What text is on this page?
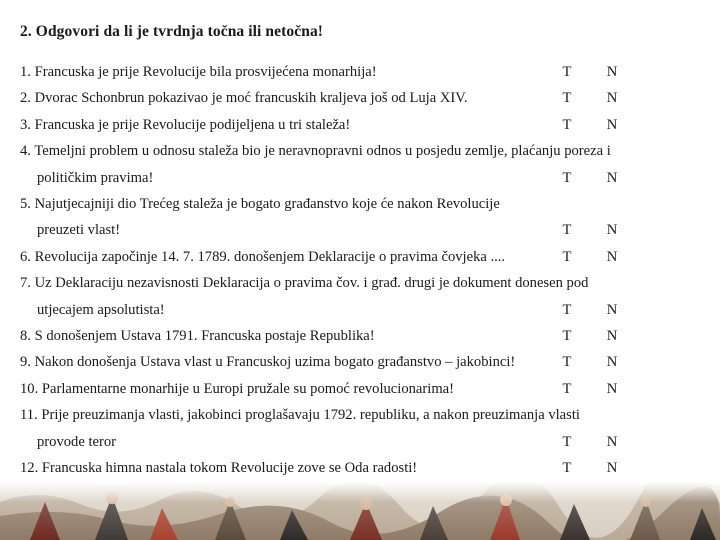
2. Odgovori da li je tvrdnja točna ili netočna!
1. Francuska je prije Revolucije bila prosvijećena monarhija!	T N
2. Dvorac Schonbrun pokazivao je moć francuskih kraljeva još od Luja XIV.	T N
3. Francuska je prije Revolucije podijeljena u tri staleža!	T N
4. Temeljni problem u odnosu staleža bio je neravnopravni odnos u posjedu zemlje, plaćanju poreza i
političkim pravima!	T N
5. Najutjecajniji dio Trećeg staleža je bogato građanstvo koje će nakon Revolucije
preuzeti vlast!	T N
6. Revolucija započinje 14. 7. 1789. donošenjem Deklaracije o pravima čovjeka ....	T N
7. Uz Deklaraciju nezavisnosti Deklaracija o pravima čov. i građ. drugi je dokument donesen pod
utjecajem apsolutista!	T N
8. S donošenjem Ustava 1791. Francuska postaje Republika!	T N
9. Nakon donošenja Ustava vlast u Francuskoj uzima bogato građanstvo – jakobinci!	T N
10. Parlamentarne monarhije u Europi pružale su pomoć revolucionarima!	T N
11. Prije preuzimanja vlasti, jakobinci proglašavaju 1792. republiku, a nakon preuzimanja vlasti
provode teror	T N
12. Francuska himna nastala tokom Revolucije zove se Oda radosti!	T N
